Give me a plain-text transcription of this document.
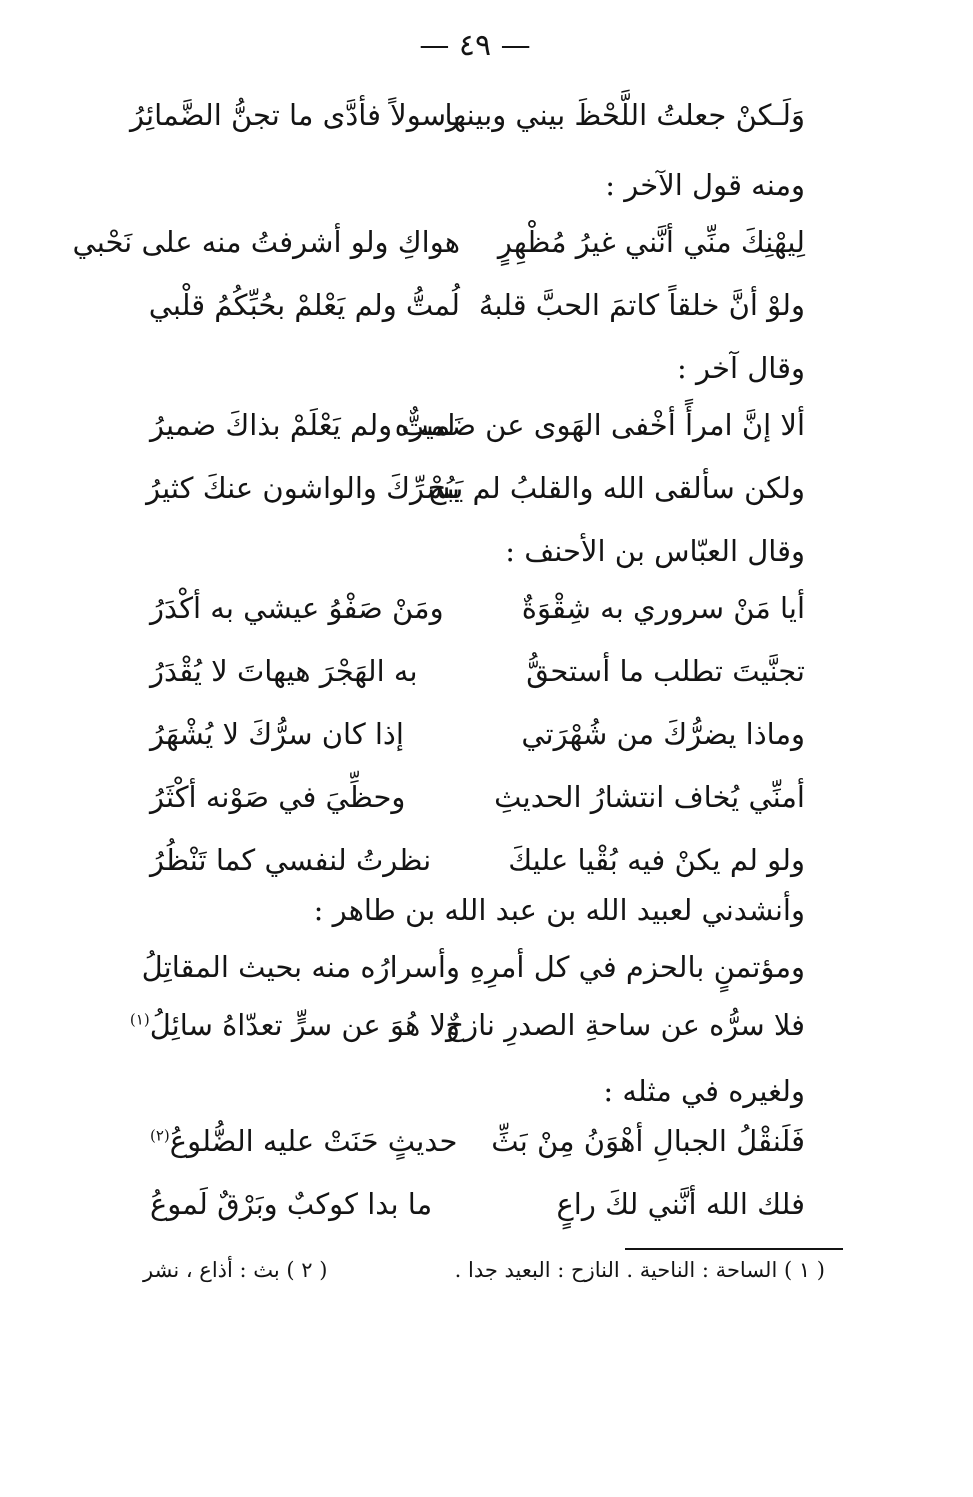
— ٤٩ —
وَلَـكنْ جعلتُ اللَّحْظَ بيني وبينها
رسولاً فأدَّى ما تجنُّ الضَّمائِرُ
ومنه قول الآخر :
لِيهْنِكَ منِّي أنَّني غيرُ مُظْهِرٍ
هواكِ ولو أشرفتُ منه على نَحْبي
ولوْ أنَّ خلقاً كاتمَ الحبَّ قلبهُ
لُمتُّ ولم يَعْلمْ بحُبِّكُمُ قلْبي
وقال آخر :
ألا إنَّ امرأً أخْفى الهَوى عن ضَميره
لمتٌّ ولم يَعْلَمْ بذاكَ ضميرُ
ولكن سألقى الله والقلبُ لم يَبُحْ
بسرِّكَ والواشون عنكَ كثيرُ
وقال العبّاس بن الأحنف :
أيا مَنْ سروري به شِقْوَةٌ
ومَنْ صَفْوُ عيشي به أكْدَرُ
تجنَّيتَ تطلب ما أستحقُّ
به الهَجْرَ هيهاتَ لا يُقْدَرُ
وماذا يضرُّكَ من شُهْرَتي
إذا كان سرُّكَ لا يُشْهَرُ
أمنِّي يُخاف انتشارُ الحديثِ
وحظِّيَ في صَوْنه أكْثَرُ
ولو لم يكنْ فيه بُقْيا عليكَ
نظرتُ لنفسي كما تَنْظُرُ
وأنشدني لعبيد الله بن عبد الله بن طاهر :
ومؤتمنٍ بالحزم في كل أمرِهِ
وأسرارُه منه بحيث المقاتِلُ
فلا سرُّه عن ساحةِ الصدرِ نازحٌ
ولا هُوَ عن سرٍّ تعدّاهُ سائِلُ$^{(١)}$
ولغيره في مثله :
فَلَنقْلُ الجبالِ أهْوَنُ مِنْ بَثِّ
حديثٍ حَنَتْ عليه الضُّلوعُ$^{(٢)}$
فلك الله أنَّني لكَ راعٍ
ما بدا كوكبٌ وبَرْقٌ لَموعُ
( ١ ) الساحة : الناحية . النازح : البعيد جدا .
( ٢ ) بث : أذاع ، نشر
